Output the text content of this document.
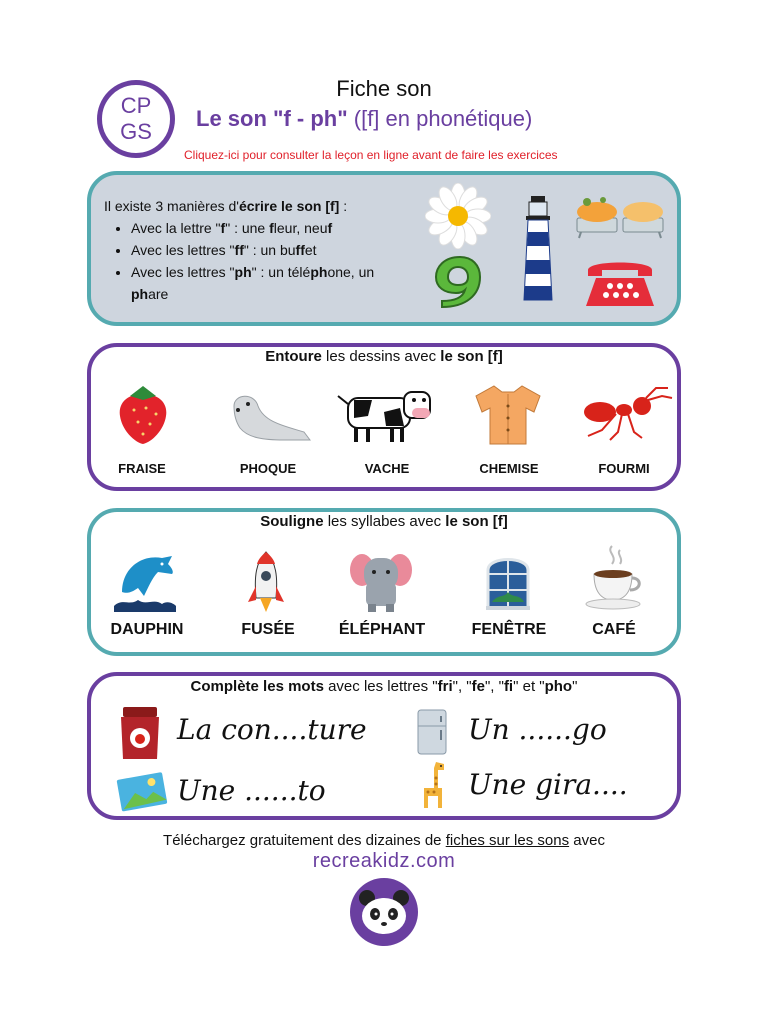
CP
GS
Fiche son
Le son "f - ph" ([f] en phonétique)
Cliquez-ici pour consulter la leçon en ligne avant de faire les exercices
Il existe 3 manières d'écrire le son [f] :
• Avec la lettre "f" : une fleur, neuf
• Avec les lettres "ff" : un buffet
• Avec les lettres "ph" : un téléphone, un phare
Entoure les dessins avec le son [f]
FRAISE	PHOQUE	VACHE	CHEMISE	FOURMI
Souligne les syllabes avec le son [f]
DAUPHIN	FUSÉE	ÉLÉPHANT	FENÊTRE	CAFÉ
Complète les mots avec les lettres "fri", "fe", "fi" et "pho"
La con....ture	Un ......go
Une ......to	Une gira....
Téléchargez gratuitement des dizaines de fiches sur les sons avec
recreakidz.com
